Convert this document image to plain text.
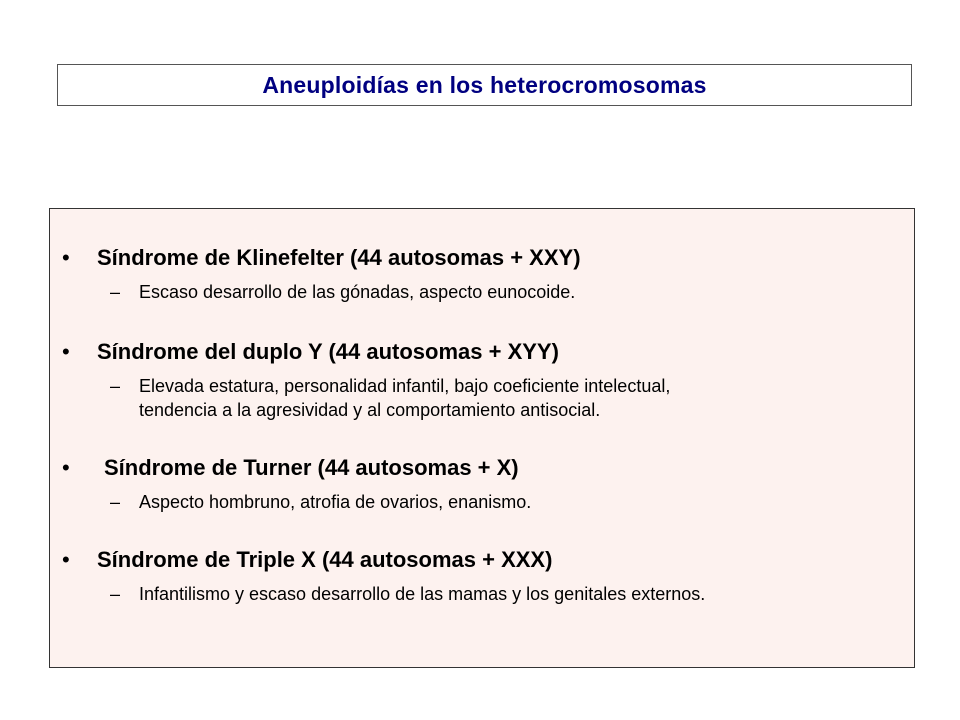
Aneuploidías en los heterocromosomas
• Síndrome de Klinefelter (44 autosomas + XXY)
– Escaso desarrollo de las gónadas, aspecto eunocoide.
• Síndrome del duplo Y (44 autosomas + XYY)
– Elevada estatura, personalidad infantil, bajo coeficiente intelectual,
tendencia a la agresividad y al comportamiento antisocial.
• Síndrome de Turner (44 autosomas + X)
– Aspecto hombruno, atrofia de ovarios, enanismo.
• Síndrome de Triple X (44 autosomas + XXX)
– Infantilismo y escaso desarrollo de las mamas y los genitales externos.
